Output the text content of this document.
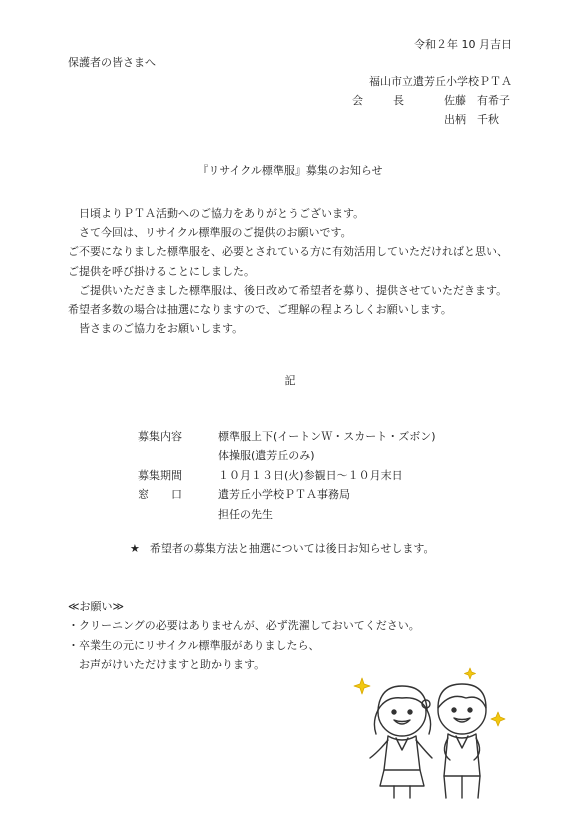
令和２年 10 月吉日
保護者の皆さまへ
福山市立遺芳丘小学校ＰＴＡ
会	長	佐藤　有希子
出柄　千秋
『リサイクル標準服』募集のお知らせ

　日頃よりＰＴＡ活動へのご協力をありがとうございます。

　さて今回は、リサイクル標準服のご提供のお願いです。

ご不要になりました標準服を、必要とされている方に有効活用していただければと思い、

ご提供を呼び掛けることにしました。

　ご提供いただきました標準服は、後日改めて希望者を募り、提供させていただきます。

希望者多数の場合は抽選になりますので、ご理解の程よろしくお願いします。

　皆さまのご協力をお願いします。

記
募集内容	標準服上下(イートンＷ・スカート・ズボン)
体操服(遺芳丘のみ)
募集期間	１０月１３日(火)参観日～１０月末日
窓　　口	遺芳丘小学校ＰＴＡ事務局
担任の先生
★ 希望者の募集方法と抽選については後日お知らせします。

≪お願い≫

・クリーニングの必要はありませんが、必ず洗濯しておいてください。

・卒業生の元にリサイクル標準服がありましたら、

　お声がけいただけますと助かります。
